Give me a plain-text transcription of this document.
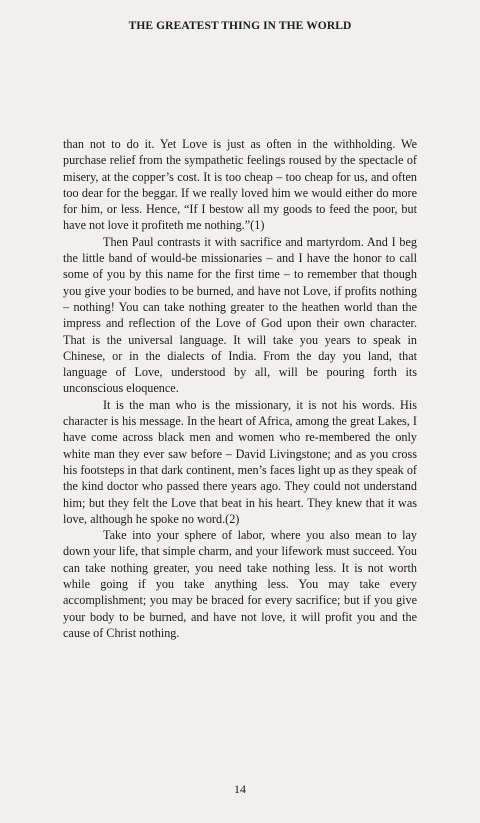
THE GREATEST THING IN THE WORLD

than not to do it. Yet Love is just as often in the withholding. We purchase relief from the sympathetic feelings roused by the spectacle of misery, at the copper’s cost. It is too cheap – too cheap for us, and often too dear for the beggar. If we really loved him we would either do more for him, or less. Hence, “If I bestow all my goods to feed the poor, but have not love it profiteth me nothing.”(1)

Then Paul contrasts it with sacrifice and martyrdom. And I beg the little band of would-be missionaries – and I have the honor to call some of you by this name for the first time – to remember that though you give your bodies to be burned, and have not Love, if profits nothing – nothing! You can take nothing greater to the heathen world than the impress and reflection of the Love of God upon their own character. That is the universal language. It will take you years to speak in Chinese, or in the dialects of India. From the day you land, that language of Love, understood by all, will be pouring forth its unconscious eloquence.

It is the man who is the missionary, it is not his words. His character is his message. In the heart of Africa, among the great Lakes, I have come across black men and women who re-membered the only white man they ever saw before – David Livingstone; and as you cross his footsteps in that dark continent, men’s faces light up as they speak of the kind doctor who passed there years ago. They could not understand him; but they felt the Love that beat in his heart. They knew that it was love, although he spoke no word.(2)

Take into your sphere of labor, where you also mean to lay down your life, that simple charm, and your lifework must succeed. You can take nothing greater, you need take nothing less. It is not worth while going if you take anything less. You may take every accomplishment; you may be braced for every sacrifice; but if you give your body to be burned, and have not love, it will profit you and the cause of Christ nothing.

14
